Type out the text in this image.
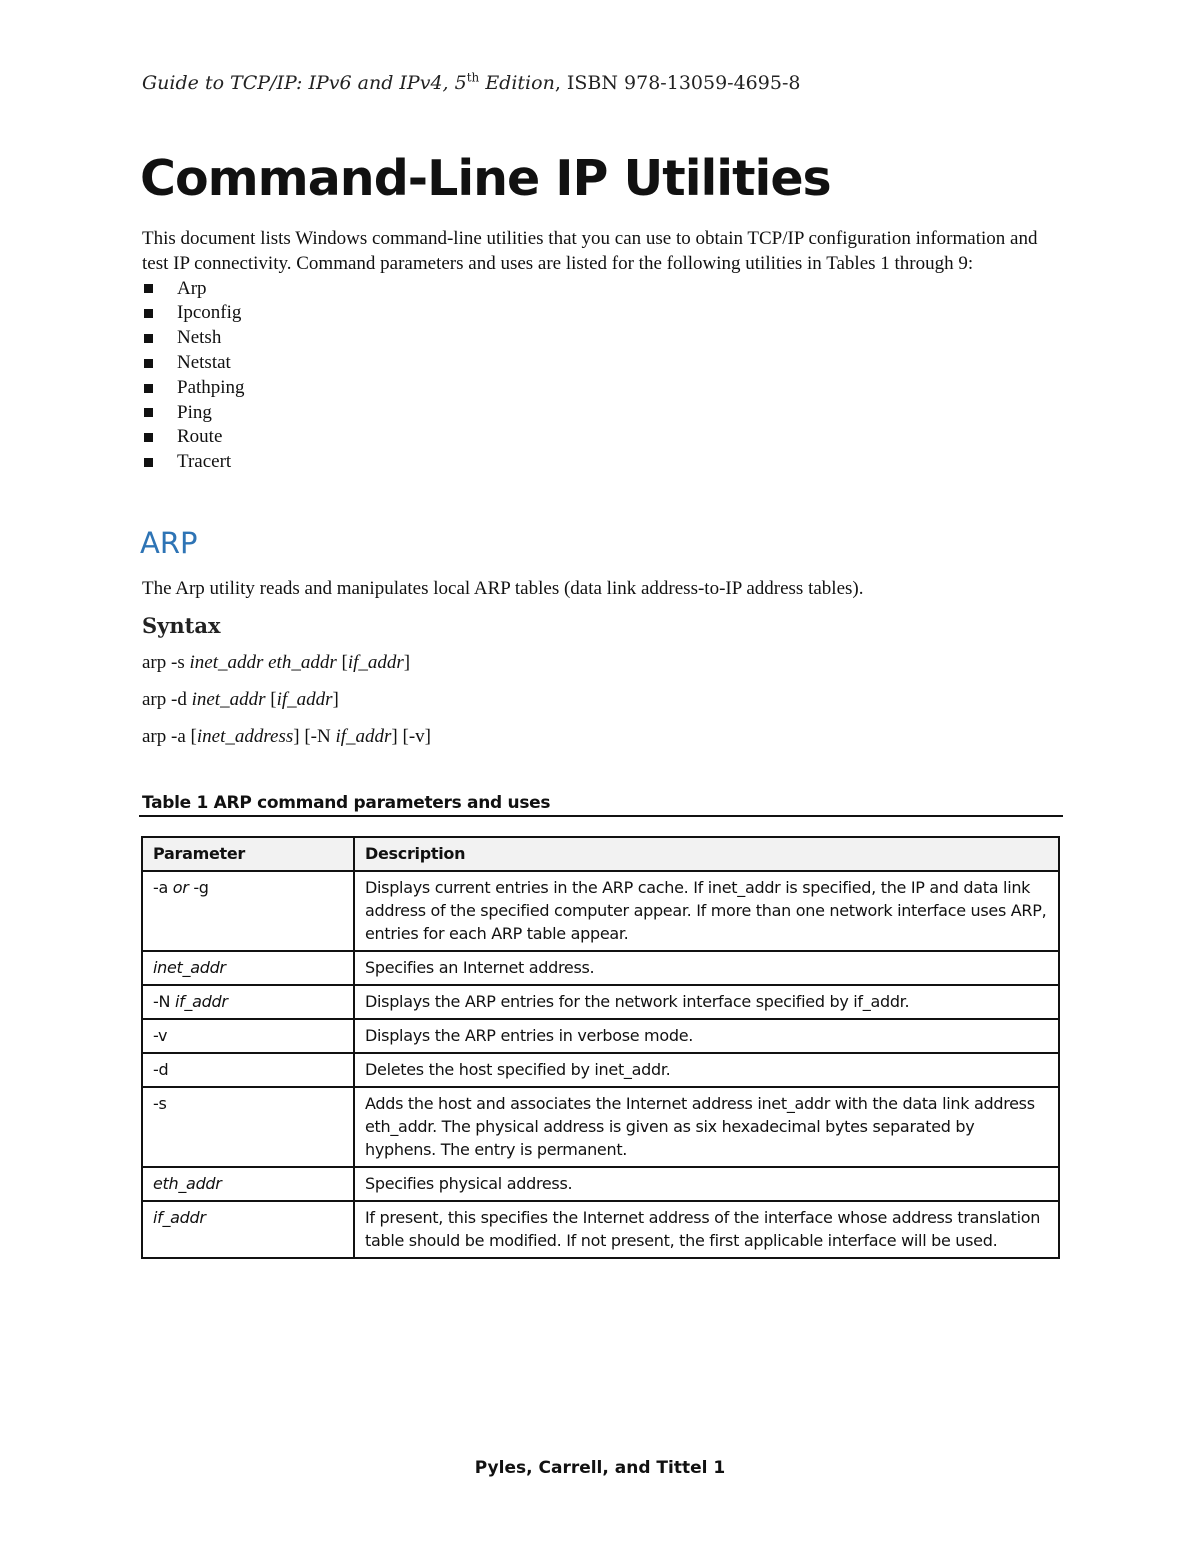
Guide to TCP/IP: IPv6 and IPv4, 5th Edition, ISBN 978-13059-4695-8
Command-Line IP Utilities

This document lists Windows command-line utilities that you can use to obtain TCP/IP configuration information and test IP connectivity. Command parameters and uses are listed for the following utilities in Tables 1 through 9:

Arp
Ipconfig
Netsh
Netstat
Pathping
Ping
Route
Tracert
ARP
The Arp utility reads and manipulates local ARP tables (data link address-to-IP address tables).
Syntax
arp -s inet_addr eth_addr [if_addr]
arp -d inet_addr [if_addr]
arp -a [inet_address] [-N if_addr] [-v]
Table 1 ARP command parameters and uses
Parameter	Description
-a or -g	Displays current entries in the ARP cache. If inet_addr is specified, the IP and data link address of the specified computer appear. If more than one network interface uses ARP, entries for each ARP table appear.
inet_addr	Specifies an Internet address.
-N if_addr	Displays the ARP entries for the network interface specified by if_addr.
-v	Displays the ARP entries in verbose mode.
-d	Deletes the host specified by inet_addr.
-s	Adds the host and associates the Internet address inet_addr with the data link address eth_addr. The physical address is given as six hexadecimal bytes separated by hyphens. The entry is permanent.
eth_addr	Specifies physical address.
if_addr	If present, this specifies the Internet address of the interface whose address translation table should be modified. If not present, the first applicable interface will be used.
Pyles, Carrell, and Tittel 1
